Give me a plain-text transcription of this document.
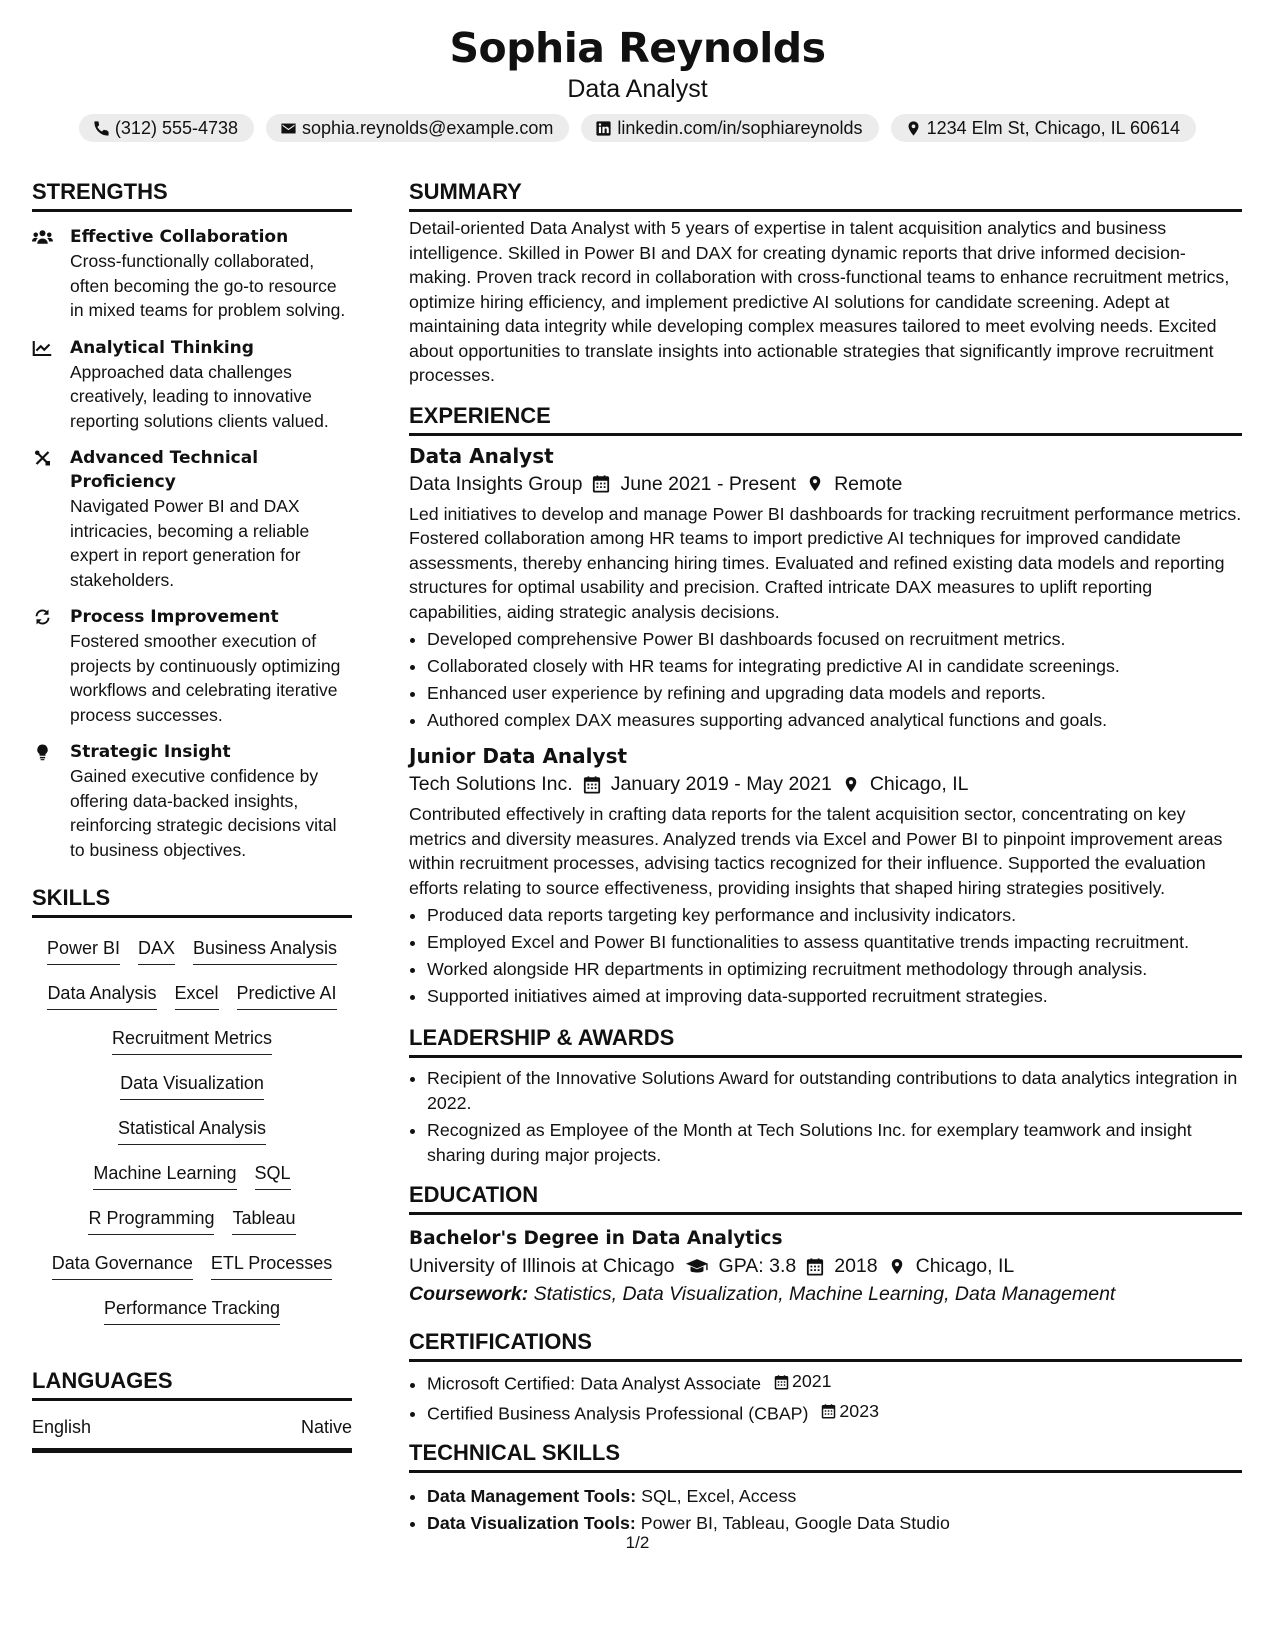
Sophia Reynolds
Data Analyst
(312) 555-4738	sophia.reynolds@example.com	linkedin.com/in/sophiareynolds	1234 Elm St, Chicago, IL 60614
STRENGTHS
Effective Collaboration
Cross-functionally collaborated, often becoming the go-to resource in mixed teams for problem solving.
Analytical Thinking
Approached data challenges creatively, leading to innovative reporting solutions clients valued.
Advanced Technical Proficiency
Navigated Power BI and DAX intricacies, becoming a reliable expert in report generation for stakeholders.
Process Improvement
Fostered smoother execution of projects by continuously optimizing workflows and celebrating iterative process successes.
Strategic Insight
Gained executive confidence by offering data-backed insights, reinforcing strategic decisions vital to business objectives.
SKILLS
Power BI DAX Business Analysis
Data Analysis Excel Predictive AI
Recruitment Metrics
Data Visualization
Statistical Analysis
Machine Learning SQL
R Programming Tableau
Data Governance ETL Processes
Performance Tracking
LANGUAGES
English	Native
SUMMARY
Detail-oriented Data Analyst with 5 years of expertise in talent acquisition analytics and business intelligence. Skilled in Power BI and DAX for creating dynamic reports that drive informed decision-making. Proven track record in collaboration with cross-functional teams to enhance recruitment metrics, optimize hiring efficiency, and implement predictive AI solutions for candidate screening. Adept at maintaining data integrity while developing complex measures tailored to meet evolving needs. Excited about opportunities to translate insights into actionable strategies that significantly improve recruitment processes.
EXPERIENCE
Data Analyst
Data Insights Group June 2021 - Present Remote
Led initiatives to develop and manage Power BI dashboards for tracking recruitment performance metrics. Fostered collaboration among HR teams to import predictive AI techniques for improved candidate assessments, thereby enhancing hiring times. Evaluated and refined existing data models and reporting structures for optimal usability and precision. Crafted intricate DAX measures to uplift reporting capabilities, aiding strategic analysis decisions.
• Developed comprehensive Power BI dashboards focused on recruitment metrics.
• Collaborated closely with HR teams for integrating predictive AI in candidate screenings.
• Enhanced user experience by refining and upgrading data models and reports.
• Authored complex DAX measures supporting advanced analytical functions and goals.
Junior Data Analyst
Tech Solutions Inc. January 2019 - May 2021 Chicago, IL
Contributed effectively in crafting data reports for the talent acquisition sector, concentrating on key metrics and diversity measures. Analyzed trends via Excel and Power BI to pinpoint improvement areas within recruitment processes, advising tactics recognized for their influence. Supported the evaluation efforts relating to source effectiveness, providing insights that shaped hiring strategies positively.
• Produced data reports targeting key performance and inclusivity indicators.
• Employed Excel and Power BI functionalities to assess quantitative trends impacting recruitment.
• Worked alongside HR departments in optimizing recruitment methodology through analysis.
• Supported initiatives aimed at improving data-supported recruitment strategies.
LEADERSHIP & AWARDS
• Recipient of the Innovative Solutions Award for outstanding contributions to data analytics integration in 2022.
• Recognized as Employee of the Month at Tech Solutions Inc. for exemplary teamwork and insight sharing during major projects.
EDUCATION
Bachelor's Degree in Data Analytics
University of Illinois at Chicago GPA: 3.8 2018 Chicago, IL
Coursework: Statistics, Data Visualization, Machine Learning, Data Management
CERTIFICATIONS
• Microsoft Certified: Data Analyst Associate 2021
• Certified Business Analysis Professional (CBAP) 2023
TECHNICAL SKILLS
• Data Management Tools: SQL, Excel, Access
• Data Visualization Tools: Power BI, Tableau, Google Data Studio
1/2
